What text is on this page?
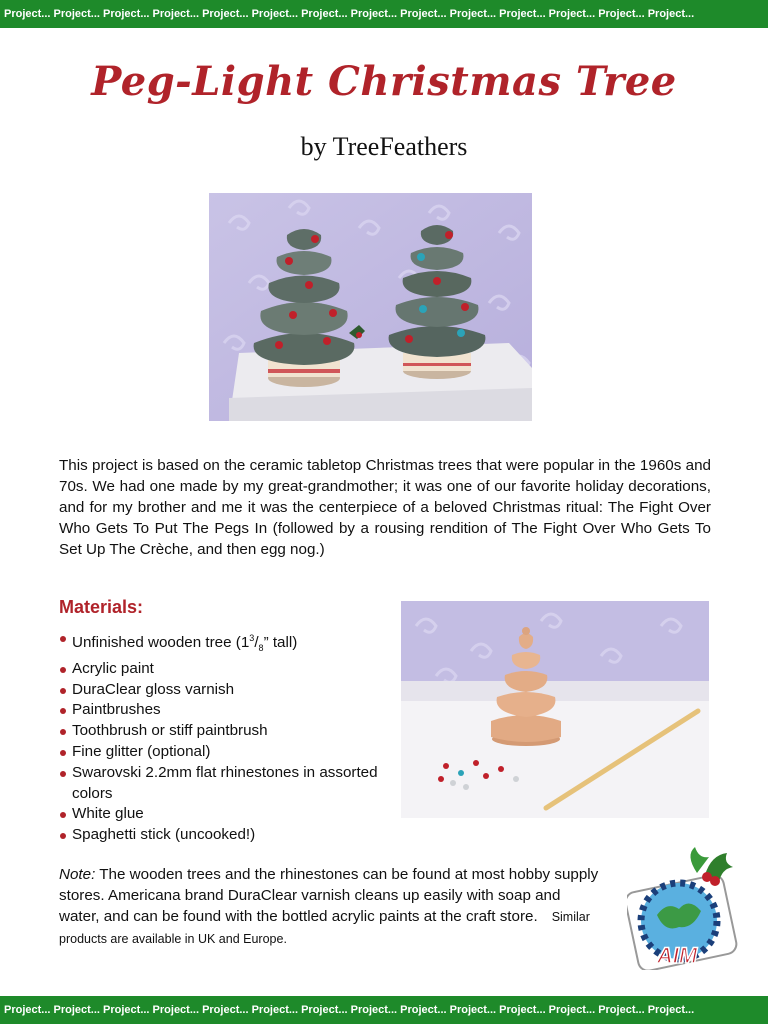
Project... Project... Project... Project... Project... Project... Project... Project... Project... Project... Project... Project... Project... Project...
Peg-Light Christmas Tree
by TreeFeathers

This project is based on the ceramic tabletop Christmas trees that were popular in the 1960s and 70s. We had one made by my great-grandmother; it was one of our favorite holiday decorations, and for my brother and me it was the centerpiece of a beloved Christmas ritual: The Fight Over Who Gets To Put The Pegs In (followed by a rousing rendition of The Fight Over Who Gets To Set Up The Crèche, and then egg nog.)

Materials:
Unfinished wooden tree ($1^3/_8$” tall)
Acrylic paint
DuraClear gloss varnish
Paintbrushes
Toothbrush or stiff paintbrush
Fine glitter (optional)
Swarovski 2.2mm flat rhinestones in assorted colors
White glue
Spaghetti stick (uncooked!)

Note: The wooden trees and the rhinestones can be found at most hobby supply stores. Americana brand DuraClear varnish cleans up easily with soap and water, and can be found with the bottled acrylic paints at the craft store. Similar products are available in UK and Europe.

AIM
Project... Project... Project... Project... Project... Project... Project... Project... Project... Project... Project... Project... Project... Project...
